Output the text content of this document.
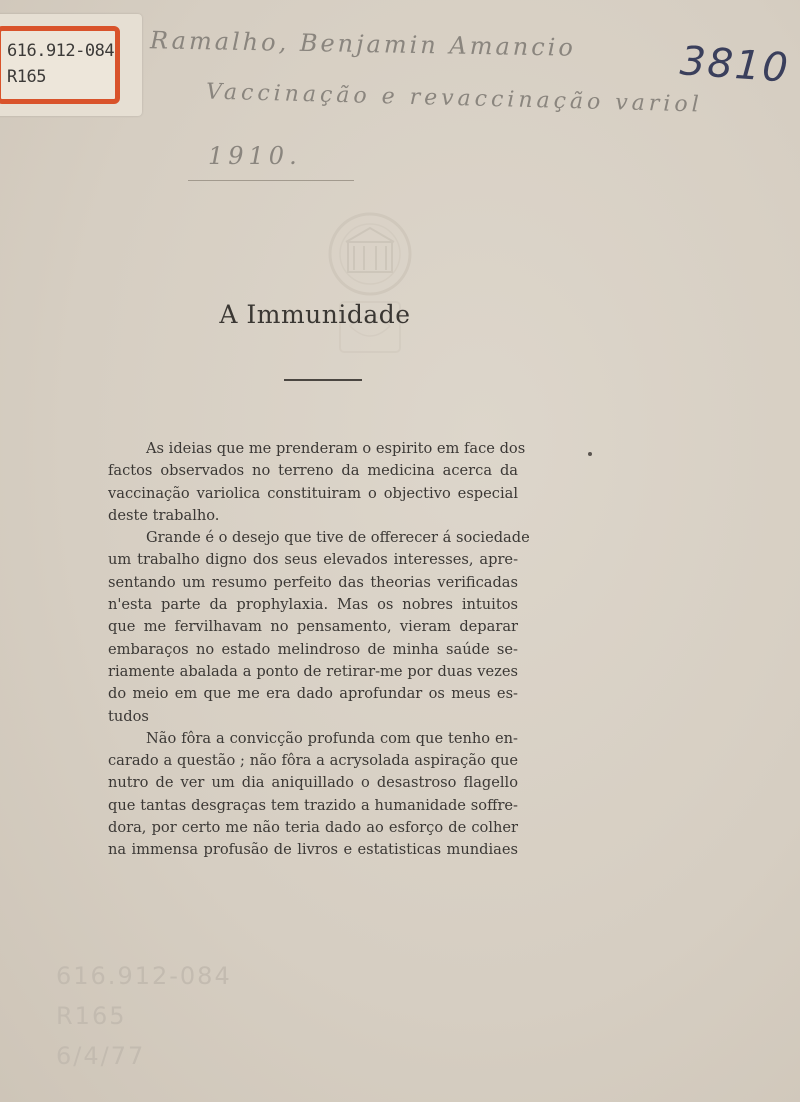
616.912-084
R165
Ramalho, Benjamin Amancio
Vaccinação e revaccinação variol
1910.
3810
A Immunidade
As ideias que me prenderam o espirito em face dos
factos observados no terreno da medicina acerca da
vaccinação variolica constituiram o objectivo especial
deste trabalho.
Grande é o desejo que tive de offerecer á sociedade
um trabalho digno dos seus elevados interesses, apre-
sentando um resumo perfeito das theorias verificadas
n'esta parte da prophylaxia. Mas os nobres intuitos
que me fervilhavam no pensamento, vieram deparar
embaraços no estado melindroso de minha saúde se-
riamente abalada a ponto de retirar-me por duas vezes
do meio em que me era dado aprofundar os meus es-
tudos
Não fôra a convicção profunda com que tenho en-
carado a questão ; não fôra a acrysolada aspiração que
nutro de ver um dia aniquillado o desastroso flagello
que tantas desgraças tem trazido a humanidade soffre-
dora, por certo me não teria dado ao esforço de colher
na immensa profusão de livros e estatisticas mundiaes
616.912-084
R165
6/4/77
